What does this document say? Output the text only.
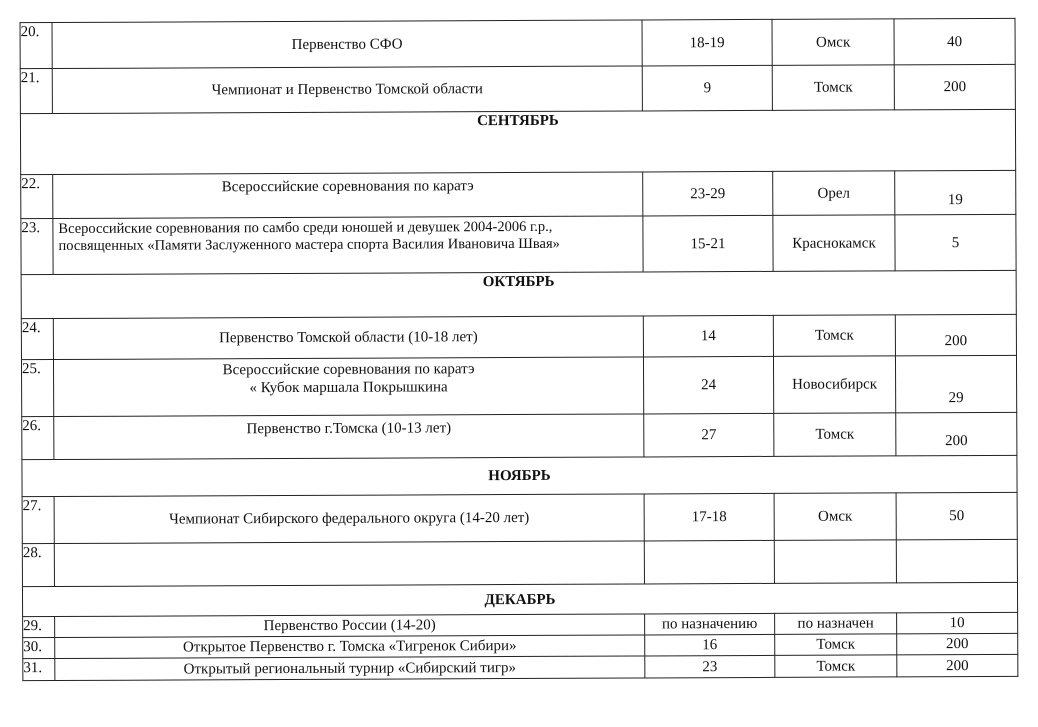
20.	Первенство СФО	18-19	Омск	40
21.	Чемпионат и Первенство Томской области	9	Томск	200
СЕНТЯБРЬ				
22.	Всероссийские соревнования по каратэ	23-29	Орел	19
23.	Всероссийские соревнования по самбо среди юношей и девушек 2004-2006 г.р.,
посвященных «Памяти Заслуженного мастера спорта Василия Ивановича Швая»	15-21	Краснокамск	5
ОКТЯБРЬ				
24.	Первенство Томской области (10-18 лет)	14	Томск	200
25.	Всероссийские соревнования по каратэ
« Кубок маршала Покрышкина	24	Новосибирск	29
26.	Первенство г.Томска (10-13 лет)	27	Томск	200
НОЯБРЬ				
27.	Чемпионат Сибирского федерального округа (14-20 лет)	17-18	Омск	50
28.				
ДЕКАБРЬ				
29.	Первенство России (14-20)	по назначению	по назначен	10
30.	Открытое Первенство г. Томска «Тигренок Сибири»	16	Томск	200
31.	Открытый региональный турнир «Сибирский тигр»	23	Томск	200
